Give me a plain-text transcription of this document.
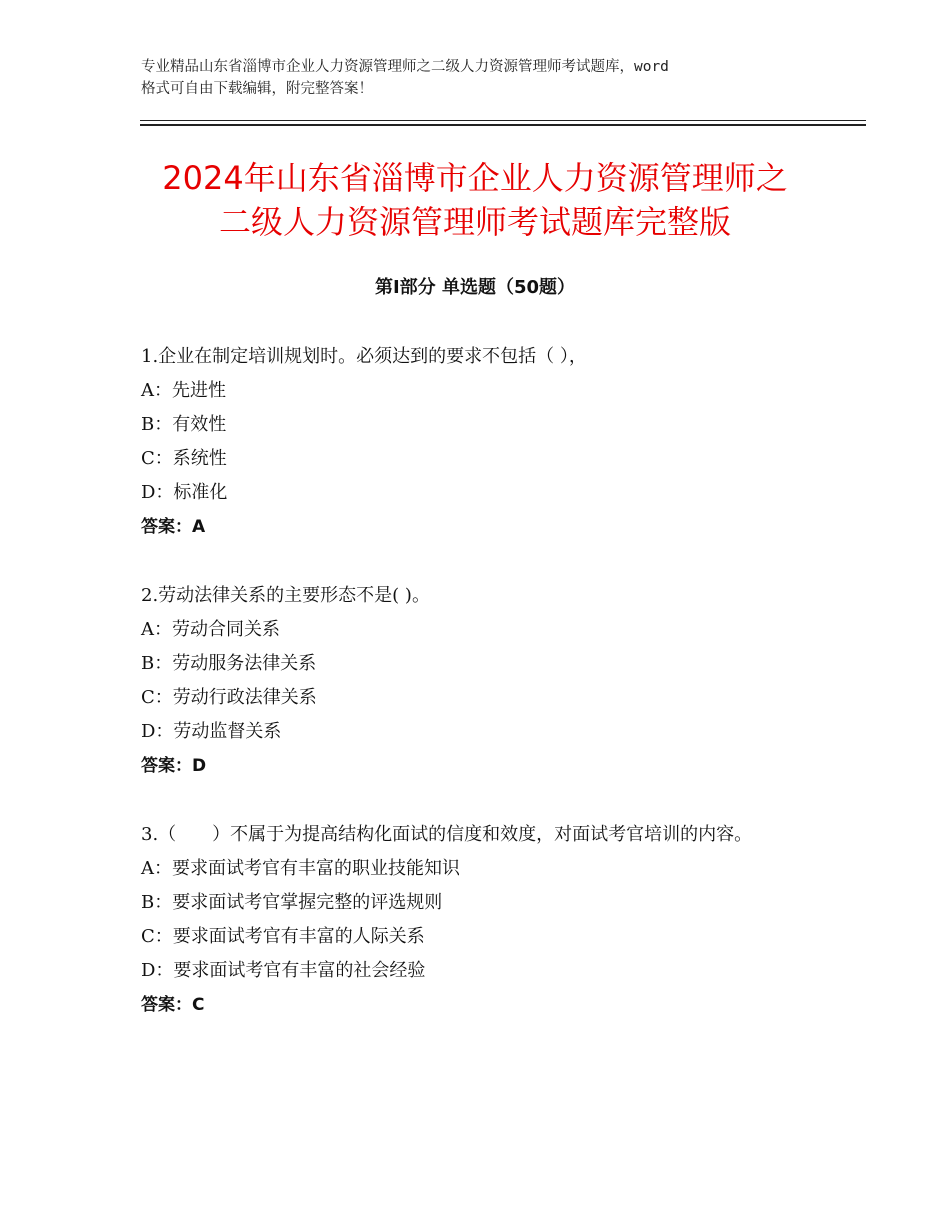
专业精品山东省淄博市企业人力资源管理师之二级人力资源管理师考试题库，word
格式可自由下载编辑，附完整答案！
2024年山东省淄博市企业人力资源管理师之
二级人力资源管理师考试题库完整版
第Ⅰ部分 单选题（50题）
1.企业在制定培训规划时。必须达到的要求不包括（ ），
A：先进性
B：有效性
C：系统性
D：标准化
答案：A
2.劳动法律关系的主要形态不是( )。
A：劳动合同关系
B：劳动服务法律关系
C：劳动行政法律关系
D：劳动监督关系
答案：D
3.（　　）不属于为提高结构化面试的信度和效度，对面试考官培训的内容。
A：要求面试考官有丰富的职业技能知识
B：要求面试考官掌握完整的评选规则
C：要求面试考官有丰富的人际关系
D：要求面试考官有丰富的社会经验
答案：C
